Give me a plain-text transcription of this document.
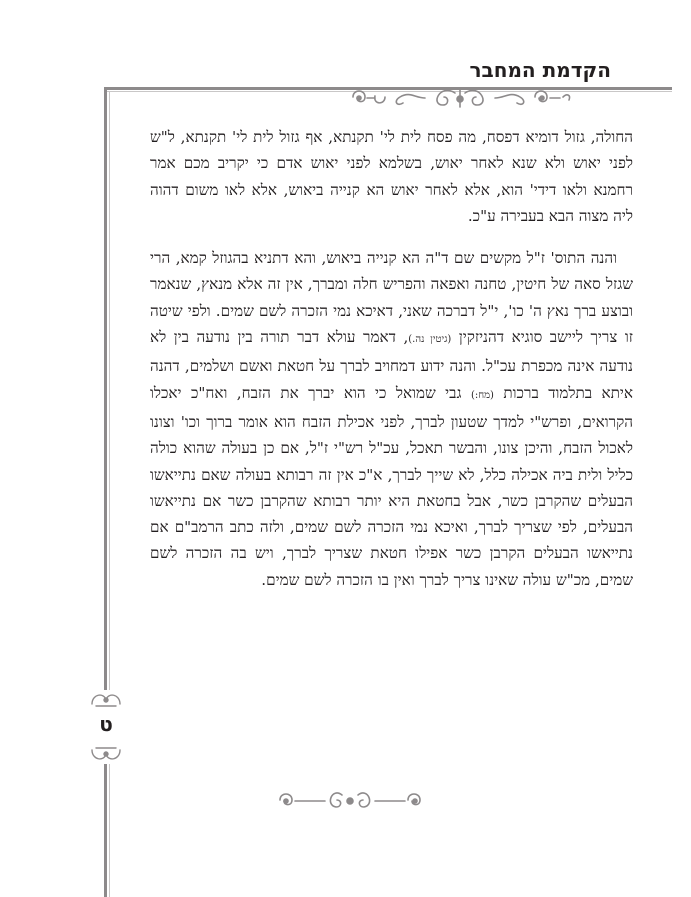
הקדמת המחבר

החולה, גזול דומיא דפסח, מה פסח לית לי' תקנתא, אף גזול לית לי' תקנתא, ל"ש לפני יאוש ולא שנא לאחר יאוש, בשלמא לפני יאוש אדם כי יקריב מכם אמר רחמנא ולאו דידי' הוא, אלא לאחר יאוש הא קנייה ביאוש, אלא לאו משום דהוה ליה מצוה הבא בעבירה ע"כ.

והנה התוס' ז"ל מקשים שם ד"ה הא קנייה ביאוש, והא דתניא בהגוזל קמא, הרי שגזל סאה של חיטין, טחנה ואפאה והפריש חלה ומברך, אין זה אלא מנאץ, שנאמר ובוצע ברך נאץ ה' כו', י"ל דברכה שאני, דאיכא נמי הזכרה לשם שמים. ולפי שיטה זו צריך ליישב סוגיא דהניזקין (גיטין נה.), דאמר עולא דבר תורה בין נודעה בין לא נודעה אינה מכפרת עכ"ל. והנה ידוע דמחויב לברך על חטאת ואשם ושלמים, דהנה איתא בתלמוד ברכות (מח:) גבי שמואל כי הוא יברך את הזבח, ואח"כ יאכלו הקרואים, ופרש"י למדך שטעון לברך, לפני אכילת הזבח הוא אומר ברוך וכו' וצונו לאכול הזבח, והיכן צונו, והבשר תאכל, עכ"ל רש"י ז"ל, אם כן בעולה שהוא כולה כליל ולית ביה אכילה כלל, לא שייך לברך, א"כ אין זה רבותא בעולה שאם נתייאשו הבעלים שהקרבן כשר, אבל בחטאת היא יותר רבותא שהקרבן כשר אם נתייאשו הבעלים, לפי שצריך לברך, ואיכא נמי הזכרה לשם שמים, ולזה כתב הרמב"ם אם נתייאשו הבעלים הקרבן כשר אפילו חטאת שצריך לברך, ויש בה הזכרה לשם שמים, מכ"ש עולה שאינו צריך לברך ואין בו הזכרה לשם שמים.

ט
